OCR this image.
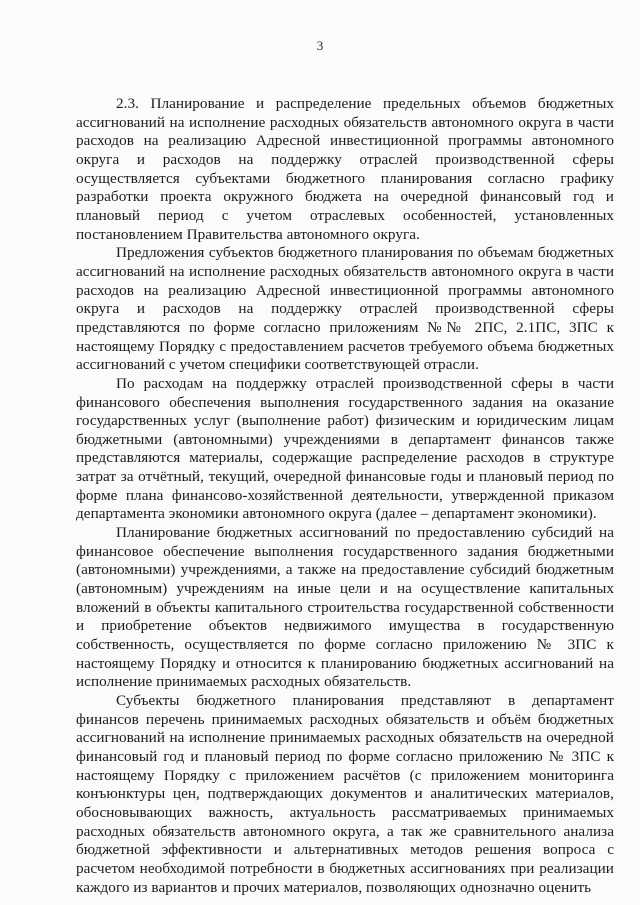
3

2.3. Планирование и распределение предельных объемов бюджетных ассигнований на исполнение расходных обязательств автономного округа в части расходов на реализацию Адресной инвестиционной программы автономного округа и расходов на поддержку отраслей производственной сферы осуществляется субъектами бюджетного планирования согласно графику разработки проекта окружного бюджета на очередной финансовый год и плановый период с учетом отраслевых особенностей, установленных постановлением Правительства автономного округа.

Предложения субъектов бюджетного планирования по объемам бюджетных ассигнований на исполнение расходных обязательств автономного округа в части расходов на реализацию Адресной инвестиционной программы автономного округа и расходов на поддержку отраслей производственной сферы представляются по форме согласно приложениям №№ 2ПС, 2.1ПС, 3ПС к настоящему Порядку с предоставлением расчетов требуемого объема бюджетных ассигнований с учетом специфики соответствующей отрасли.

По расходам на поддержку отраслей производственной сферы в части финансового обеспечения выполнения государственного задания на оказание государственных услуг (выполнение работ) физическим и юридическим лицам бюджетными (автономными) учреждениями в департамент финансов также представляются материалы, содержащие распределение расходов в структуре затрат за отчётный, текущий, очередной финансовые годы и плановый период по форме плана финансово-хозяйственной деятельности, утвержденной приказом департамента экономики автономного округа (далее – департамент экономики).

Планирование бюджетных ассигнований по предоставлению субсидий на финансовое обеспечение выполнения государственного задания бюджетными (автономными) учреждениями, а также на предоставление субсидий бюджетным (автономным) учреждениям на иные цели и на осуществление капитальных вложений в объекты капитального строительства государственной собственности и приобретение объектов недвижимого имущества в государственную собственность, осуществляется по форме согласно приложению № 3ПС к настоящему Порядку и относится к планированию бюджетных ассигнований на исполнение принимаемых расходных обязательств.

Субъекты бюджетного планирования представляют в департамент финансов перечень принимаемых расходных обязательств и объём бюджетных ассигнований на исполнение принимаемых расходных обязательств на очередной финансовый год и плановый период по форме согласно приложению № 3ПС к настоящему Порядку с приложением расчётов (с приложением мониторинга конъюнктуры цен, подтверждающих документов и аналитических материалов, обосновывающих важность, актуальность рассматриваемых принимаемых расходных обязательств автономного округа, а так же сравнительного анализа бюджетной эффективности и альтернативных методов решения вопроса с расчетом необходимой потребности в бюджетных ассигнованиях при реализации каждого из вариантов и прочих материалов, позволяющих однозначно оценить
